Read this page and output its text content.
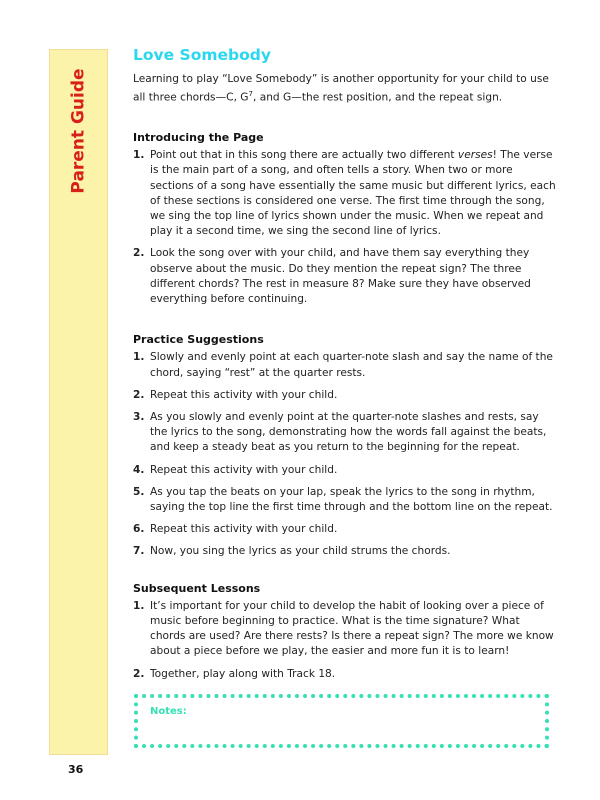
Parent Guide
Love Somebody

Learning to play “Love Somebody” is another opportunity for your child to use all three chords—C, $G^7$, and G—the rest position, and the repeat sign.

Introducing the Page
1. Point out that in this song there are actually two different verses! The verse is the main part of a song, and often tells a story. When two or more sections of a song have essentially the same music but different lyrics, each of these sections is considered one verse. The first time through the song, we sing the top line of lyrics shown under the music. When we repeat and play it a second time, we sing the second line of lyrics.
2. Look the song over with your child, and have them say everything they observe about the music. Do they mention the repeat sign? The three different chords? The rest in measure 8? Make sure they have observed everything before continuing.
Practice Suggestions
1. Slowly and evenly point at each quarter-note slash and say the name of the chord, saying “rest” at the quarter rests.
2. Repeat this activity with your child.
3. As you slowly and evenly point at the quarter-note slashes and rests, say the lyrics to the song, demonstrating how the words fall against the beats, and keep a steady beat as you return to the beginning for the repeat.
4. Repeat this activity with your child.
5. As you tap the beats on your lap, speak the lyrics to the song in rhythm, saying the top line the first time through and the bottom line on the repeat.
6. Repeat this activity with your child.
7. Now, you sing the lyrics as your child strums the chords.
Subsequent Lessons
1. It’s important for your child to develop the habit of looking over a piece of music before beginning to practice. What is the time signature? What chords are used? Are there rests? Is there a repeat sign? The more we know about a piece before we play, the easier and more fun it is to learn!
2. Together, play along with Track 18.
Notes:
36
